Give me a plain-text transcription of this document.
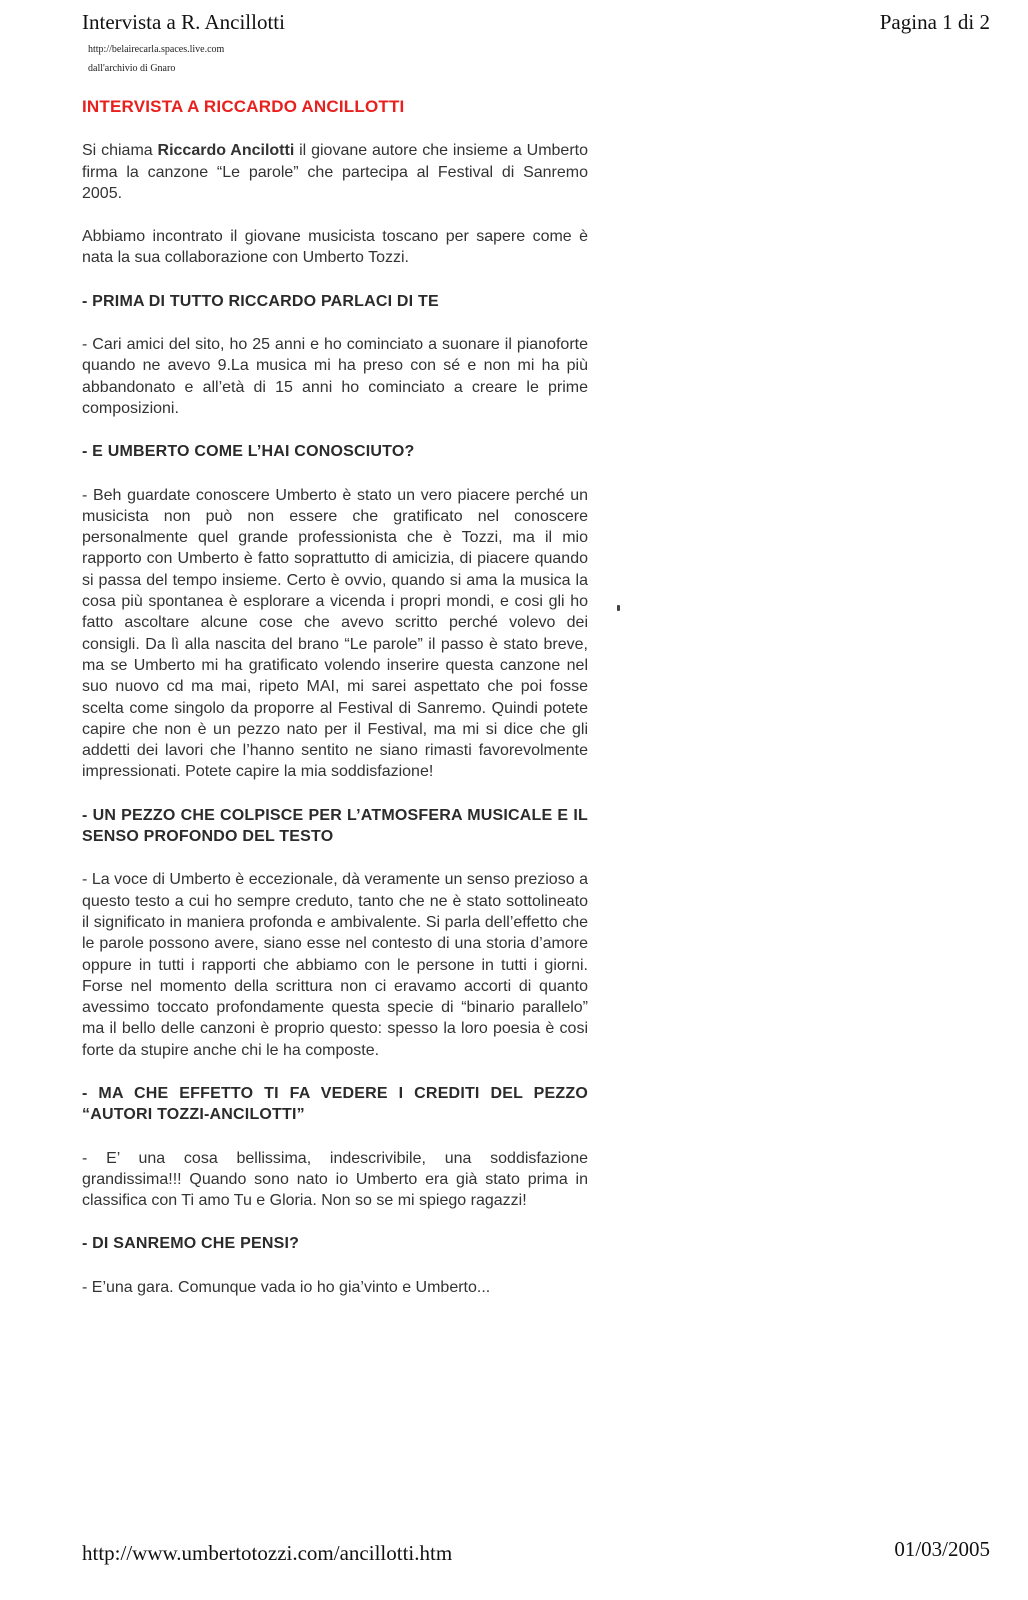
Intervista a R. Ancillotti	Pagina 1 di 2
http://belairecarla.spaces.live.com
dall'archivio di Gnaro
INTERVISTA A RICCARDO ANCILLOTTI

Si chiama Riccardo Ancilotti il giovane autore che insieme a Umberto firma la canzone “Le parole” che partecipa al Festival di Sanremo 2005.

Abbiamo incontrato il giovane musicista toscano per sapere come è nata la sua collaborazione con Umberto Tozzi.

- PRIMA DI TUTTO RICCARDO PARLACI DI TE

- Cari amici del sito, ho 25 anni e ho cominciato a suonare il pianoforte quando ne avevo 9.La musica mi ha preso con sé e non mi ha più abbandonato e all’età di 15 anni ho cominciato a creare le prime composizioni.

- E UMBERTO COME L’HAI CONOSCIUTO?

- Beh guardate conoscere Umberto è stato un vero piacere perché un musicista non può non essere che gratificato nel conoscere personalmente quel grande professionista che è Tozzi, ma il mio rapporto con Umberto è fatto soprattutto di amicizia, di piacere quando si passa del tempo insieme. Certo è ovvio, quando si ama la musica la cosa più spontanea è esplorare a vicenda i propri mondi, e cosi gli ho fatto ascoltare alcune cose che avevo scritto perché volevo dei consigli. Da lì alla nascita del brano “Le parole” il passo è stato breve, ma se Umberto mi ha gratificato volendo inserire questa canzone nel suo nuovo cd ma mai, ripeto MAI, mi sarei aspettato che poi fosse scelta come singolo da proporre al Festival di Sanremo. Quindi potete capire che non è un pezzo nato per il Festival, ma mi si dice che gli addetti dei lavori che l’hanno sentito ne siano rimasti favorevolmente impressionati. Potete capire la mia soddisfazione!

- UN PEZZO CHE COLPISCE PER L’ATMOSFERA MUSICALE E IL SENSO PROFONDO DEL TESTO

- La voce di Umberto è eccezionale, dà veramente un senso prezioso a questo testo a cui ho sempre creduto, tanto che ne è stato sottolineato il significato in maniera profonda e ambivalente. Si parla dell’effetto che le parole possono avere, siano esse nel contesto di una storia d’amore oppure in tutti i rapporti che abbiamo con le persone in tutti i giorni. Forse nel momento della scrittura non ci eravamo accorti di quanto avessimo toccato profondamente questa specie di “binario parallelo” ma il bello delle canzoni è proprio questo: spesso la loro poesia è cosi forte da stupire anche chi le ha composte.

- MA CHE EFFETTO TI FA VEDERE I CREDITI DEL PEZZO “AUTORI TOZZI-ANCILOTTI”

- E’ una cosa bellissima, indescrivibile, una soddisfazione grandissima!!! Quando sono nato io Umberto era già stato prima in classifica con Ti amo Tu e Gloria. Non so se mi spiego ragazzi!

- DI SANREMO CHE PENSI?

- E’una gara. Comunque vada io ho gia’vinto e Umberto...

http://www.umbertotozzi.com/ancillotti.htm	01/03/2005
